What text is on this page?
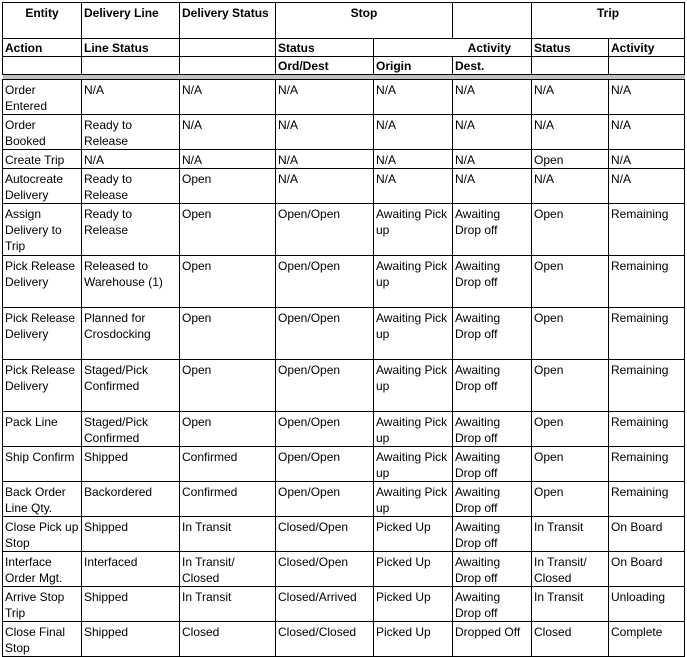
Entity	Delivery Line	Delivery Status	Stop			Trip	
Action	Line Status		Status	Activity		Status	Activity
			Ord/Dest	Origin	Dest.		

Order Entered	N/A	N/A	N/A	N/A	N/A	N/A	N/A
Order Booked	Ready to Release	N/A	N/A	N/A	N/A	N/A	N/A
Create Trip	N/A	N/A	N/A	N/A	N/A	Open	N/A
Autocreate Delivery	Ready to Release	Open	N/A	N/A	N/A	N/A	N/A
Assign Delivery to Trip	Ready to Release	Open	Open/Open	Awaiting Pick up	Awaiting Drop off	Open	Remaining
Pick Release Delivery	Released to Warehouse (1)	Open	Open/Open	Awaiting Pick up	Awaiting Drop off	Open	Remaining
Pick Release Delivery	Planned for Crosdocking	Open	Open/Open	Awaiting Pick up	Awaiting Drop off	Open	Remaining
Pick Release Delivery	Staged/Pick Confirmed	Open	Open/Open	Awaiting Pick up	Awaiting Drop off	Open	Remaining
Pack Line	Staged/Pick Confirmed	Open	Open/Open	Awaiting Pick up	Awaiting Drop off	Open	Remaining
Ship Confirm	Shipped	Confirmed	Open/Open	Awaiting Pick up	Awaiting Drop off	Open	Remaining
Back Order Line Qty.	Backordered	Confirmed	Open/Open	Awaiting Pick up	Awaiting Drop off	Open	Remaining
Close Pick up Stop	Shipped	In Transit	Closed/Open	Picked Up	Awaiting Drop off	In Transit	On Board
Interface Order Mgt.	Interfaced	In Transit/ Closed	Closed/Open	Picked Up	Awaiting Drop off	In Transit/ Closed	On Board
Arrive Stop Trip	Shipped	In Transit	Closed/Arrived	Picked Up	Awaiting Drop off	In Transit	Unloading
Close Final Stop	Shipped	Closed	Closed/Closed	Picked Up	Dropped Off	Closed	Complete
